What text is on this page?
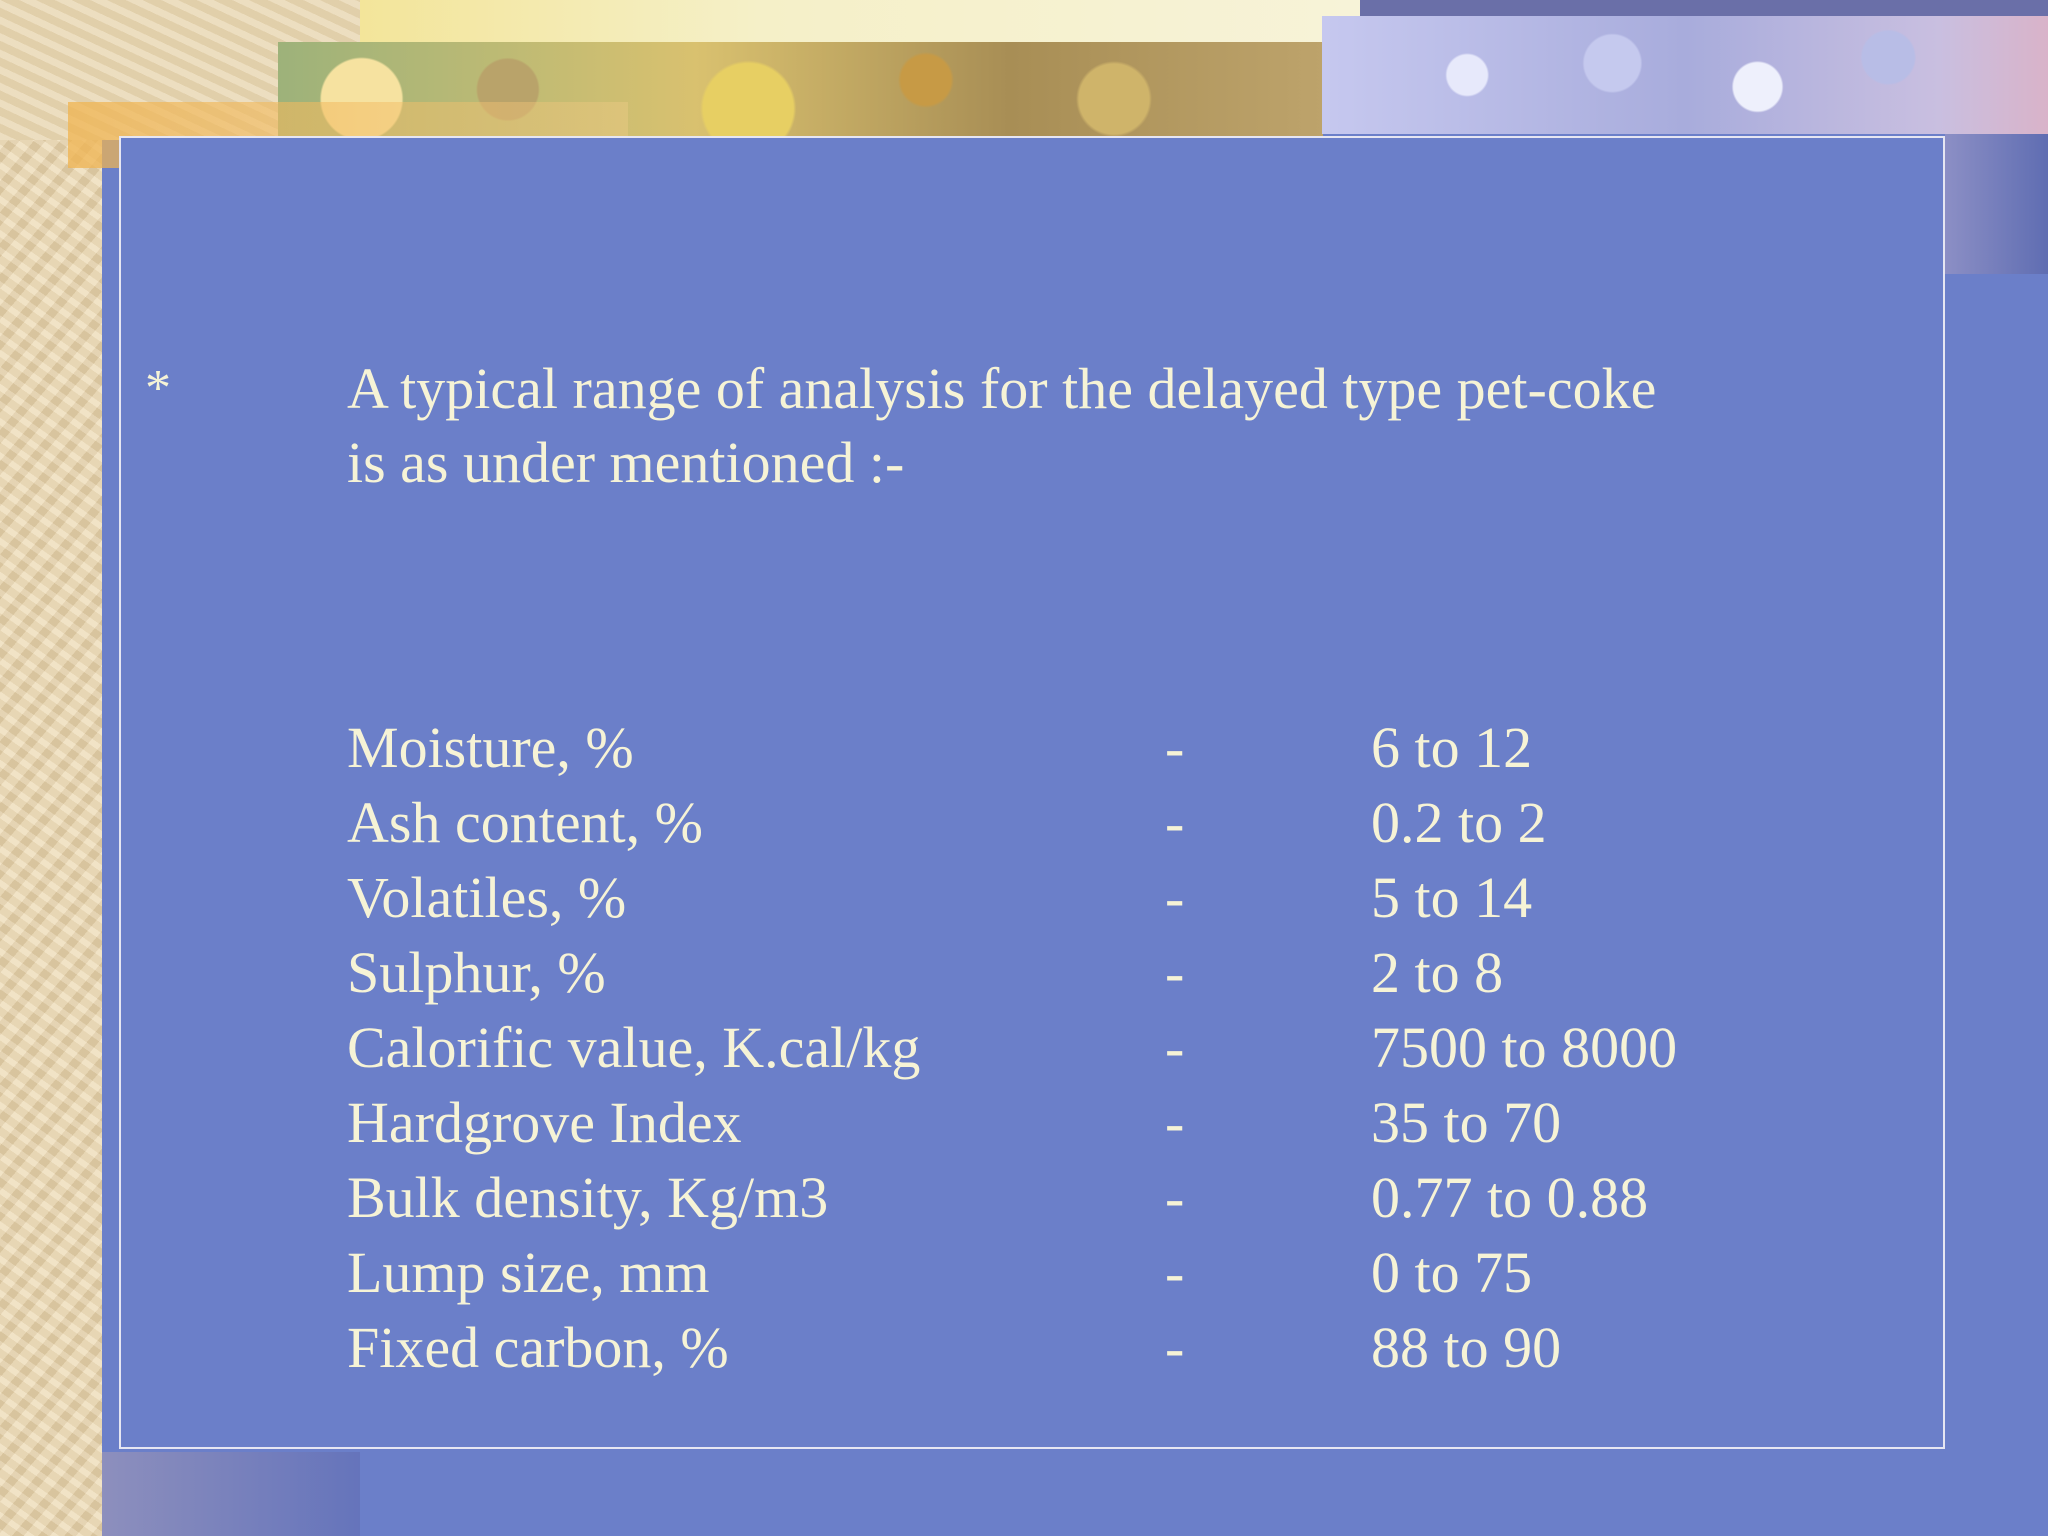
*	A typical range of analysis for the delayed type pet-coke
is as under mentioned :-

Moisture, %	-	6 to 12
Ash content, %	-	0.2 to 2
Volatiles, %	-	5 to 14
Sulphur, %	-	2 to 8
Calorific value, K.cal/kg	-	7500 to 8000
Hardgrove Index	-	35 to 70
Bulk density, Kg/m3	-	0.77 to 0.88
Lump size, mm	-	0 to 75
Fixed carbon, %	-	88 to 90
